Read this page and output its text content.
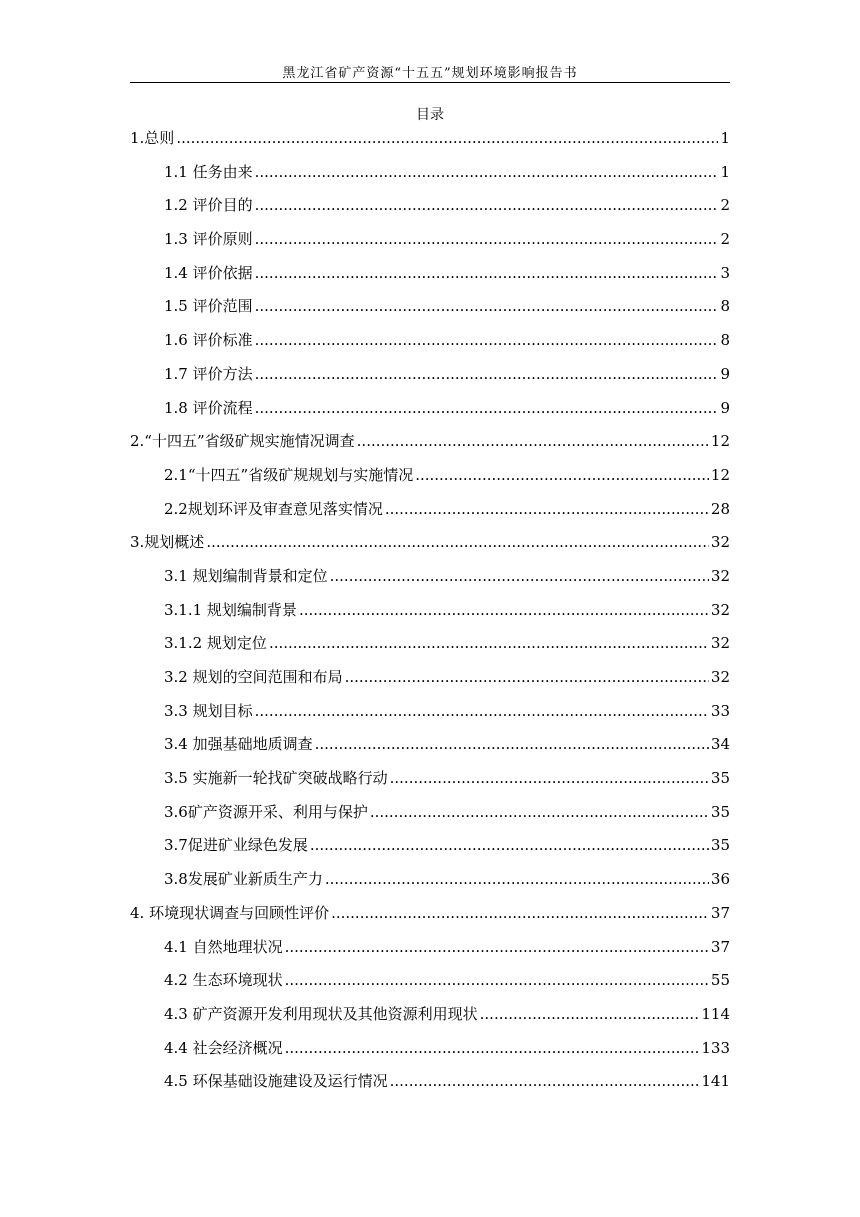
黑龙江省矿产资源“十五五”规划环境影响报告书
目录
1.总则 .....	1
1.1 任务由来 .....	1
1.2 评价目的 .....	2
1.3 评价原则 .....	2
1.4 评价依据 .....	3
1.5 评价范围 .....	8
1.6 评价标准 .....	8
1.7 评价方法 .....	9
1.8 评价流程 .....	9
2.“十四五”省级矿规实施情况调查 .....	12
2.1“十四五”省级矿规规划与实施情况 .....	12
2.2规划环评及审查意见落实情况 .....	28
3.规划概述 .....	32
3.1 规划编制背景和定位 .....	32
3.1.1 规划编制背景 .....	32
3.1.2 规划定位 .....	32
3.2 规划的空间范围和布局 .....	32
3.3 规划目标 .....	33
3.4 加强基础地质调查 .....	34
3.5 实施新一轮找矿突破战略行动 .....	35
3.6矿产资源开采、利用与保护 .....	35
3.7促进矿业绿色发展 .....	35
3.8发展矿业新质生产力 .....	36
4. 环境现状调查与回顾性评价 .....	37
4.1 自然地理状况 .....	37
4.2 生态环境现状 .....	55
4.3 矿产资源开发利用现状及其他资源利用现状 .....	114
4.4 社会经济概况 .....	133
4.5 环保基础设施建设及运行情况 .....	141
